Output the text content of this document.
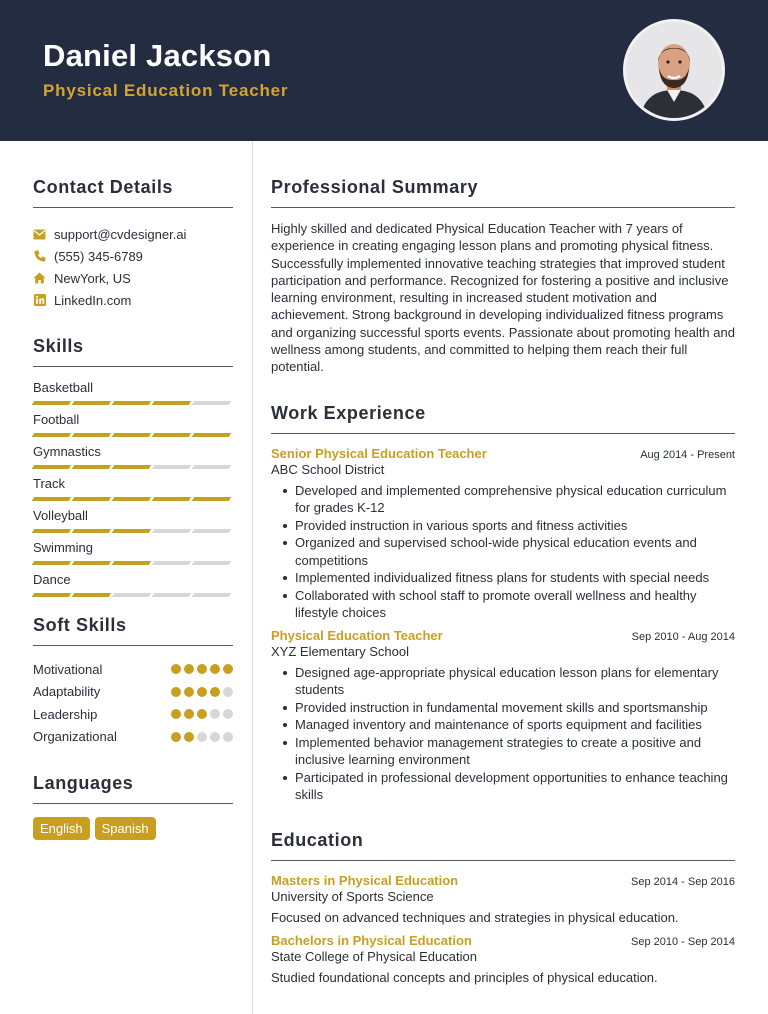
Daniel Jackson
Physical Education Teacher
Contact Details
support@cvdesigner.ai
(555) 345-6789
NewYork, US
LinkedIn.com
Skills
Basketball
Football
Gymnastics
Track
Volleyball
Swimming
Dance
Soft Skills
Motivational
Adaptability
Leadership
Organizational
Languages
English	Spanish
Professional Summary

Highly skilled and dedicated Physical Education Teacher with 7 years of experience in creating engaging lesson plans and promoting physical fitness. Successfully implemented innovative teaching strategies that improved student participation and performance. Recognized for fostering a positive and inclusive learning environment, resulting in increased student motivation and achievement. Strong background in developing individualized fitness programs and organizing successful sports events. Passionate about promoting health and wellness among students, and committed to helping them reach their full potential.

Work Experience
Senior Physical Education Teacher	Aug 2014 - Present
ABC School District
Developed and implemented comprehensive physical education curriculum for grades K-12
Provided instruction in various sports and fitness activities
Organized and supervised school-wide physical education events and competitions
Implemented individualized fitness plans for students with special needs
Collaborated with school staff to promote overall wellness and healthy lifestyle choices
Physical Education Teacher	Sep 2010 - Aug 2014
XYZ Elementary School
Designed age-appropriate physical education lesson plans for elementary students
Provided instruction in fundamental movement skills and sportsmanship
Managed inventory and maintenance of sports equipment and facilities
Implemented behavior management strategies to create a positive and inclusive learning environment
Participated in professional development opportunities to enhance teaching skills
Education
Masters in Physical Education	Sep 2014 - Sep 2016
University of Sports Science
Focused on advanced techniques and strategies in physical education.
Bachelors in Physical Education	Sep 2010 - Sep 2014
State College of Physical Education
Studied foundational concepts and principles of physical education.
